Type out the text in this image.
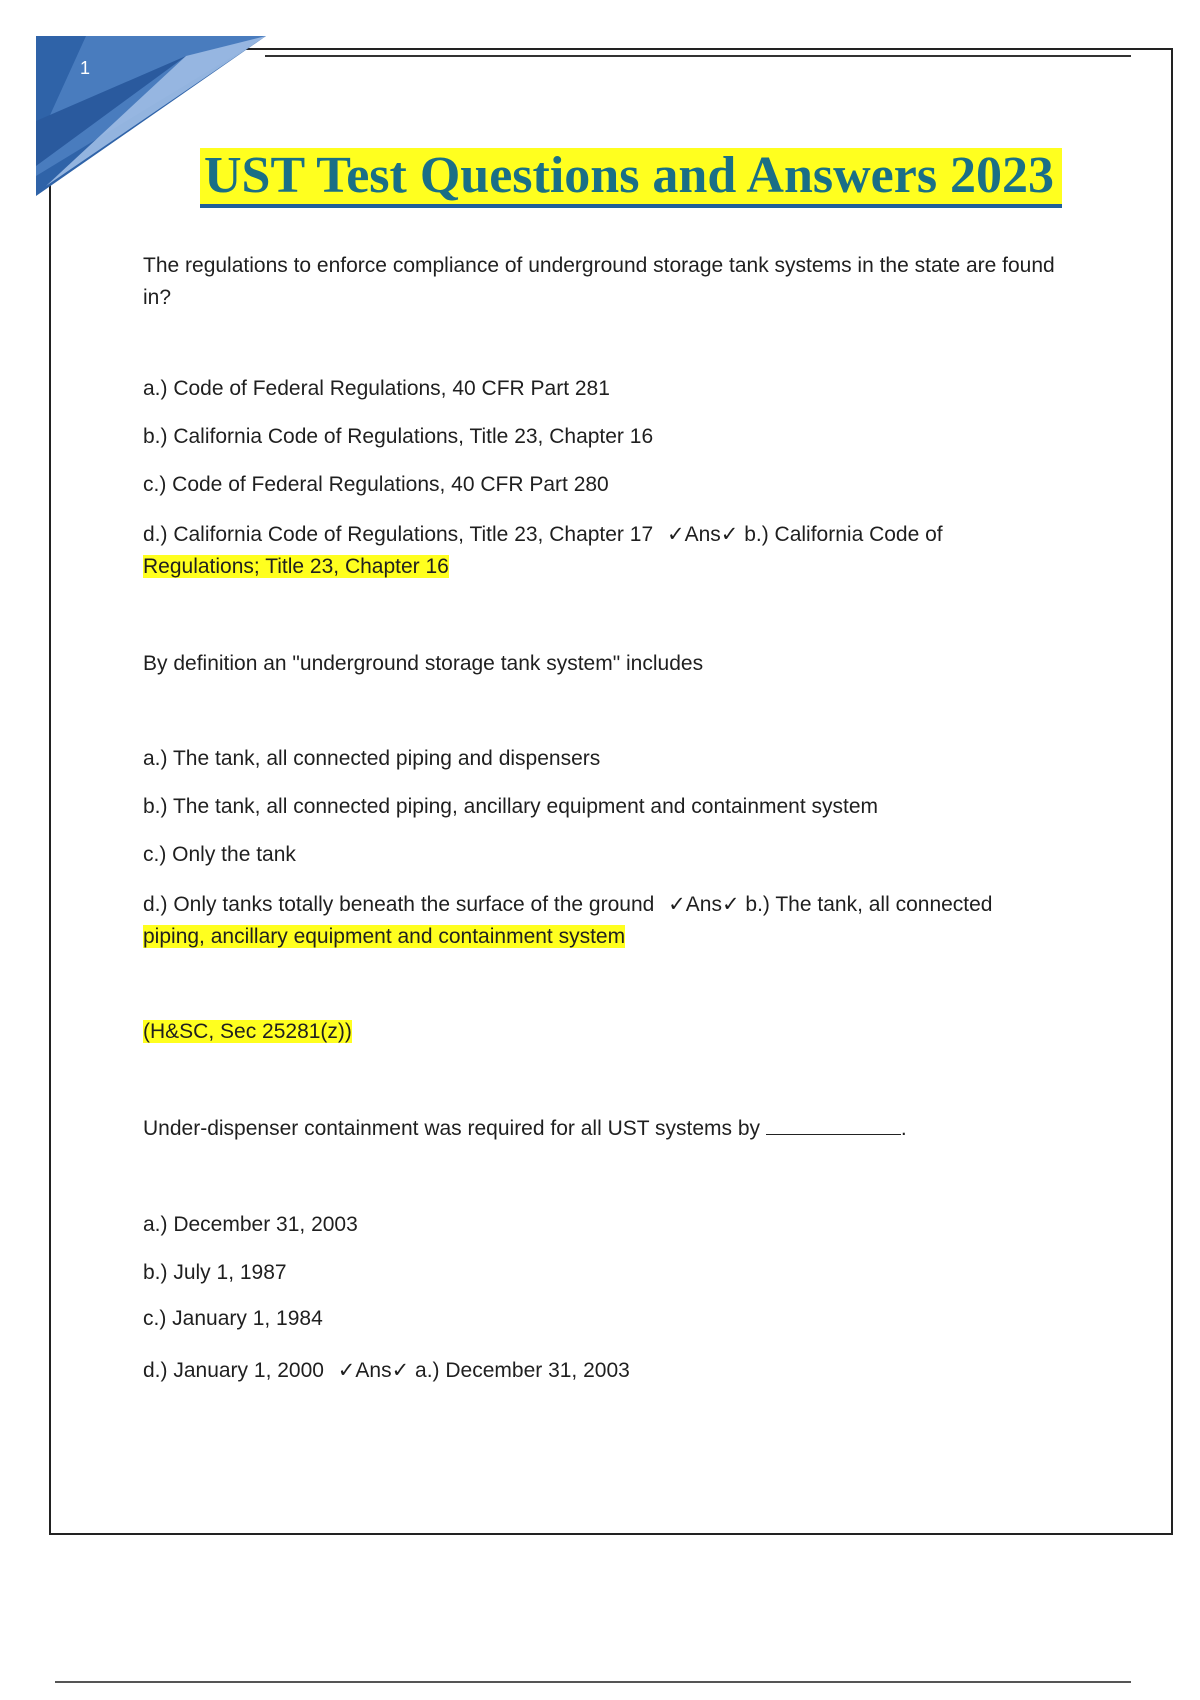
1
UST Test Questions and Answers 2023

The regulations to enforce compliance of underground storage tank systems in the state are found in?

a.) Code of Federal Regulations, 40 CFR Part 281

b.) California Code of Regulations, Title 23, Chapter 16

c.) Code of Federal Regulations, 40 CFR Part 280

d.) California Code of Regulations, Title 23, Chapter 17 ✓Ans✓ b.) California Code of
Regulations; Title 23, Chapter 16

By definition an "underground storage tank system" includes

a.) The tank, all connected piping and dispensers

b.) The tank, all connected piping, ancillary equipment and containment system

c.) Only the tank

d.) Only tanks totally beneath the surface of the ground ✓Ans✓ b.) The tank, all connected
piping, ancillary equipment and containment system

(H&SC, Sec 25281(z))

Under-dispenser containment was required for all UST systems by	.

a.) December 31, 2003

b.) July 1, 1987

c.) January 1, 1984

d.) January 1, 2000 ✓Ans✓ a.) December 31, 2003
